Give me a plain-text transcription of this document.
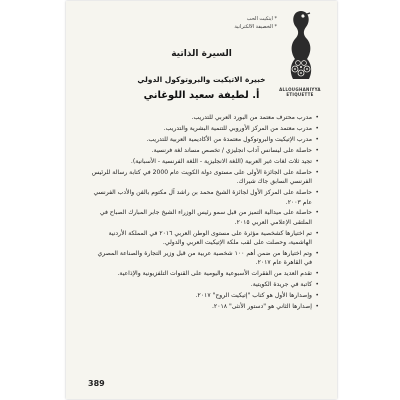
* ايتكيت الحب
* الخصيفة الالكترانية
ALLOUGHANIYYA
ETIQUETTE
السيرة الذاتية
خبيرة الاتيكيت والبروتوكول الدولي
أ. لطيفة سعيد اللوغاني
• مدرب محترف معتمد من البورد العربي للتدريب.
• مدرب معتمد من المركز الأوروبي للتنمية البشرية والتدريب.
• مدرب الإتيكيت والبروتوكول معتمدة من الأكاديمية العربية للتدريب.
• حاصلة على ليسانس آداب انجليزي / تخصص مساند لغة فرنسية.
• تجيد ثلاث لغات غير العربية (اللغة الانجليزية - اللغة الفرنسية - الأسبانية).
• حاصلة على الجائزة الأولى على مستوى دولة الكويت عام 2000 في كتابة رسالة للرئيس الفرنسي السابق جاك شيراك.
• حاصلة على المركز الأول لجائزة الشيخ محمد بن راشد آل مكتوم بالفن والأدب الفرنسي عام ٢٠٠٣.
• حاصلة على ميدالية التميز من قبل سمو رئيس الوزراء الشيخ جابر المبارك الصباح في الملتقى الإعلامي العربي ٢٠١٥.
• تم اختيارها كشخصية مؤثرة على مستوى الوطن العربي ٢٠١٦ في المملكة الأردنية الهاشمية، وحصلت على لقب ملكة الإتيكيت العربي والدولي.
• وتم اختيارها من ضمن أهم ١٠٠ شخصية عربية من قبل وزير التجارة والصناعة المصري في القاهرة عام ٢٠١٧.
• تقدم العديد من الفقرات الأسبوعية واليومية على القنوات التلفزيونية والإذاعية.
• كاتبة في جريدة الكويتية.
• وإصدارها الأول هو كتاب "إتيكيت الروح" ٢٠١٧.
• إصدارها الثاني هو "دستور الأنثى" ٢٠١٨.
389
